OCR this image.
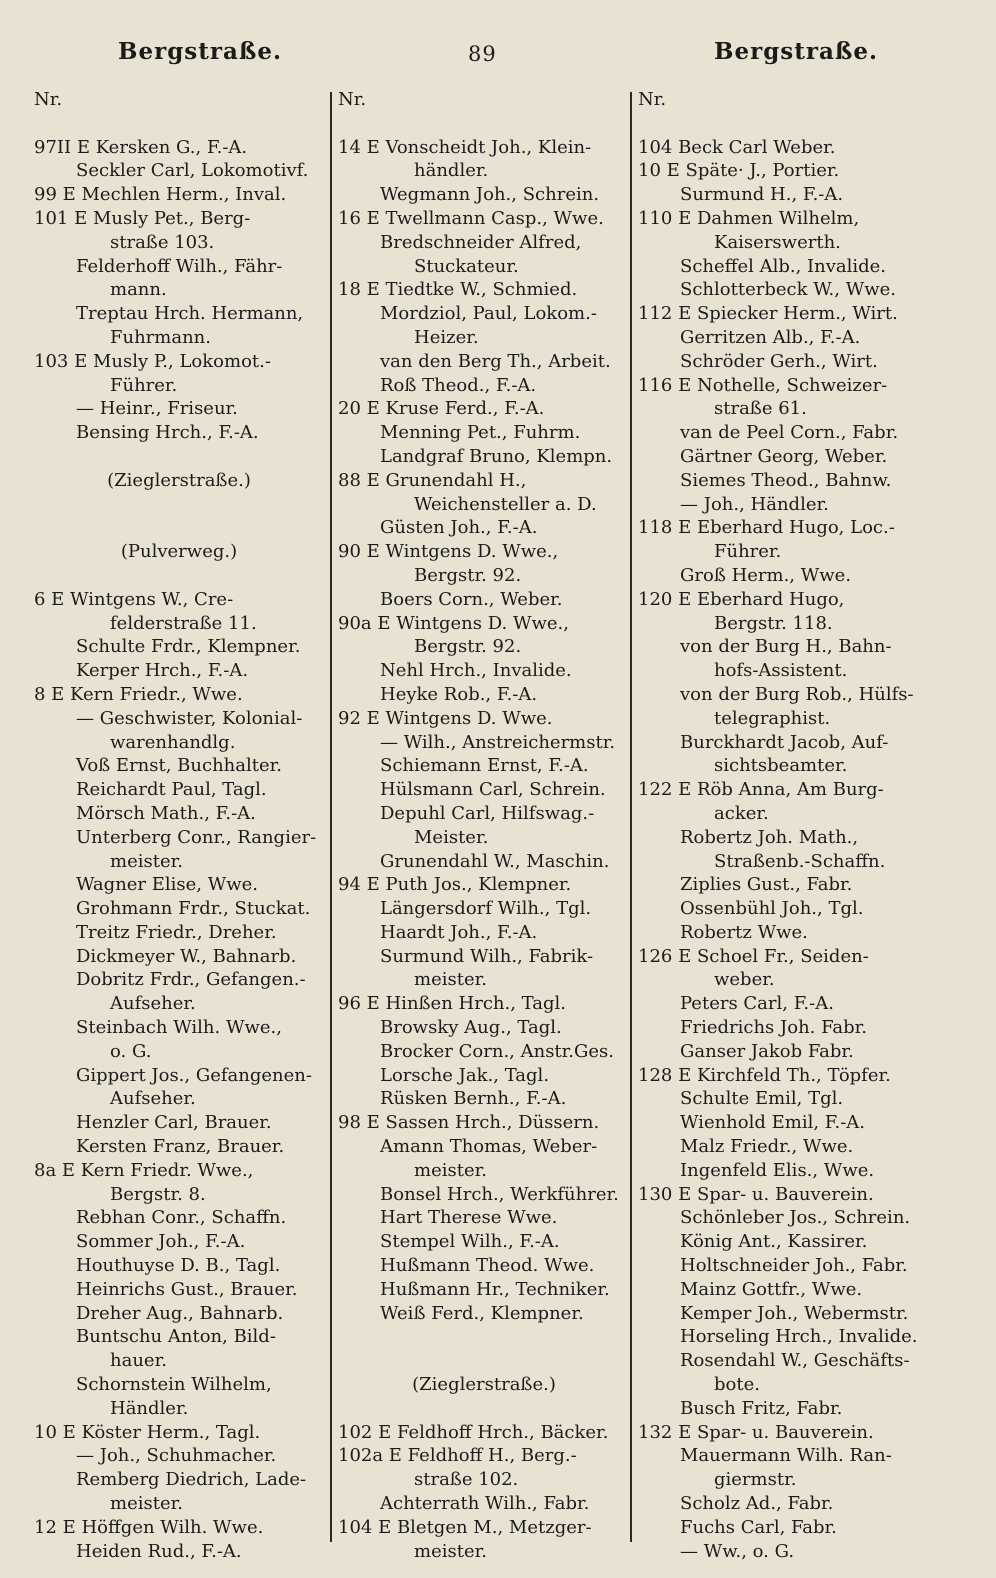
Bergstraße.	89	Bergstraße.
Nr.
97II E Kersken G., F.-A.
Seckler Carl, Lokomotivf.
99 E Mechlen Herm., Inval.
101 E Musly Pet., Berg-
straße 103.
Felderhoff Wilh., Fähr-
mann.
Treptau Hrch. Hermann,
Fuhrmann.
103 E Musly P., Lokomot.-
Führer.
— Heinr., Friseur.
Bensing Hrch., F.-A.
(Zieglerstraße.)
(Pulverweg.)
6 E Wintgens W., Cre-
felderstraße 11.
Schulte Frdr., Klempner.
Kerper Hrch., F.-A.
8 E Kern Friedr., Wwe.
— Geschwister, Kolonial-
warenhandlg.
Voß Ernst, Buchhalter.
Reichardt Paul, Tagl.
Mörsch Math., F.-A.
Unterberg Conr., Rangier-
meister.
Wagner Elise, Wwe.
Grohmann Frdr., Stuckat.
Treitz Friedr., Dreher.
Dickmeyer W., Bahnarb.
Dobritz Frdr., Gefangen.-
Aufseher.
Steinbach Wilh. Wwe.,
o. G.
Gippert Jos., Gefangenen-
Aufseher.
Henzler Carl, Brauer.
Kersten Franz, Brauer.
8a E Kern Friedr. Wwe.,
Bergstr. 8.
Rebhan Conr., Schaffn.
Sommer Joh., F.-A.
Houthuyse D. B., Tagl.
Heinrichs Gust., Brauer.
Dreher Aug., Bahnarb.
Buntschu Anton, Bild-
hauer.
Schornstein Wilhelm,
Händler.
10 E Köster Herm., Tagl.
— Joh., Schuhmacher.
Remberg Diedrich, Lade-
meister.
12 E Höffgen Wilh. Wwe.
Heiden Rud., F.-A.
Nr.
14 E Vonscheidt Joh., Klein-
händler.
Wegmann Joh., Schrein.
16 E Twellmann Casp., Wwe.
Bredschneider Alfred,
Stuckateur.
18 E Tiedtke W., Schmied.
Mordziol, Paul, Lokom.-
Heizer.
van den Berg Th., Arbeit.
Roß Theod., F.-A.
20 E Kruse Ferd., F.-A.
Menning Pet., Fuhrm.
Landgraf Bruno, Klempn.
88 E Grunendahl H.,
Weichensteller a. D.
Güsten Joh., F.-A.
90 E Wintgens D. Wwe.,
Bergstr. 92.
Boers Corn., Weber.
90a E Wintgens D. Wwe.,
Bergstr. 92.
Nehl Hrch., Invalide.
Heyke Rob., F.-A.
92 E Wintgens D. Wwe.
— Wilh., Anstreichermstr.
Schiemann Ernst, F.-A.
Hülsmann Carl, Schrein.
Depuhl Carl, Hilfswag.-
Meister.
Grunendahl W., Maschin.
94 E Puth Jos., Klempner.
Längersdorf Wilh., Tgl.
Haardt Joh., F.-A.
Surmund Wilh., Fabrik-
meister.
96 E Hinßen Hrch., Tagl.
Browsky Aug., Tagl.
Brocker Corn., Anstr.Ges.
Lorsche Jak., Tagl.
Rüsken Bernh., F.-A.
98 E Sassen Hrch., Düssern.
Amann Thomas, Weber-
meister.
Bonsel Hrch., Werkführer.
Hart Therese Wwe.
Stempel Wilh., F.-A.
Hußmann Theod. Wwe.
Hußmann Hr., Techniker.
Weiß Ferd., Klempner.
(Zieglerstraße.)
102 E Feldhoff Hrch., Bäcker.
102a E Feldhoff H., Berg.-
straße 102.
Achterrath Wilh., Fabr.
104 E Bletgen M., Metzger-
meister.
Nr.
104 Beck Carl Weber.
10 E Späte· J., Portier.
Surmund H., F.-A.
110 E Dahmen Wilhelm,
Kaiserswerth.
Scheffel Alb., Invalide.
Schlotterbeck W., Wwe.
112 E Spiecker Herm., Wirt.
Gerritzen Alb., F.-A.
Schröder Gerh., Wirt.
116 E Nothelle, Schweizer-
straße 61.
van de Peel Corn., Fabr.
Gärtner Georg, Weber.
Siemes Theod., Bahnw.
— Joh., Händler.
118 E Eberhard Hugo, Loc.-
Führer.
Groß Herm., Wwe.
120 E Eberhard Hugo,
Bergstr. 118.
von der Burg H., Bahn-
hofs-Assistent.
von der Burg Rob., Hülfs-
telegraphist.
Burckhardt Jacob, Auf-
sichtsbeamter.
122 E Röb Anna, Am Burg-
acker.
Robertz Joh. Math.,
Straßenb.-Schaffn.
Ziplies Gust., Fabr.
Ossenbühl Joh., Tgl.
Robertz Wwe.
126 E Schoel Fr., Seiden-
weber.
Peters Carl, F.-A.
Friedrichs Joh. Fabr.
Ganser Jakob Fabr.
128 E Kirchfeld Th., Töpfer.
Schulte Emil, Tgl.
Wienhold Emil, F.-A.
Malz Friedr., Wwe.
Ingenfeld Elis., Wwe.
130 E Spar- u. Bauverein.
Schönleber Jos., Schrein.
König Ant., Kassirer.
Holtschneider Joh., Fabr.
Mainz Gottfr., Wwe.
Kemper Joh., Webermstr.
Horseling Hrch., Invalide.
Rosendahl W., Geschäfts-
bote.
Busch Fritz, Fabr.
132 E Spar- u. Bauverein.
Mauermann Wilh. Ran-
giermstr.
Scholz Ad., Fabr.
Fuchs Carl, Fabr.
— Ww., o. G.
